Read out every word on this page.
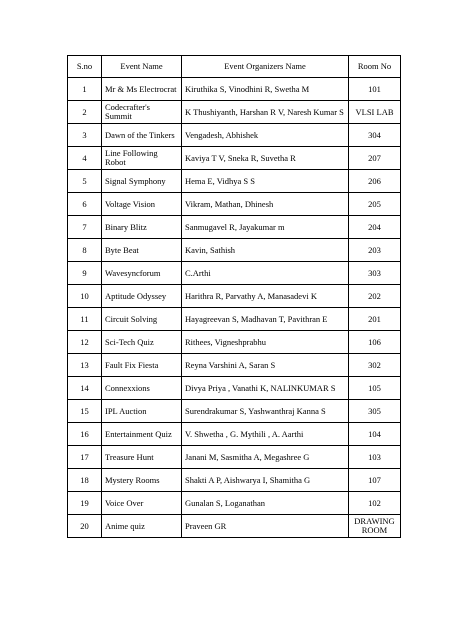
S.no	Event Name	Event Organizers Name	Room No
1	Mr & Ms Electrocrat	Kiruthika S, Vinodhini R, Swetha M	101
2	Codecrafter's Summit	K Thushiyanth, Harshan R V, Naresh Kumar S	VLSI LAB
3	Dawn of the Tinkers	Vengadesh, Abhishek	304
4	Line Following Robot	Kaviya T V, Sneka R, Suvetha R	207
5	Signal Symphony	Hema E, Vidhya S S	206
6	Voltage Vision	Vikram, Mathan, Dhinesh	205
7	Binary Blitz	Sanmugavel R, Jayakumar m	204
8	Byte Beat	Kavin, Sathish	203
9	Wavesyncforum	C.Arthi	303
10	Aptitude Odyssey	Harithra R, Parvathy A, Manasadevi K	202
11	Circuit Solving	Hayagreevan S, Madhavan T, Pavithran E	201
12	Sci-Tech Quiz	Rithees, Vigneshprabhu	106
13	Fault Fix Fiesta	Reyna Varshini A, Saran S	302
14	Connexxions	Divya Priya , Vanathi K, NALINKUMAR S	105
15	IPL Auction	Surendrakumar S, Yashwanthraj Kanna S	305
16	Entertainment Quiz	V. Shwetha , G. Mythili , A. Aarthi	104
17	Treasure Hunt	Janani M, Sasmitha A, Megashree G	103
18	Mystery Rooms	Shakti A P, Aishwarya I, Shamitha G	107
19	Voice Over	Gunalan S, Loganathan	102
20	Anime quiz	Praveen GR	DRAWING ROOM
